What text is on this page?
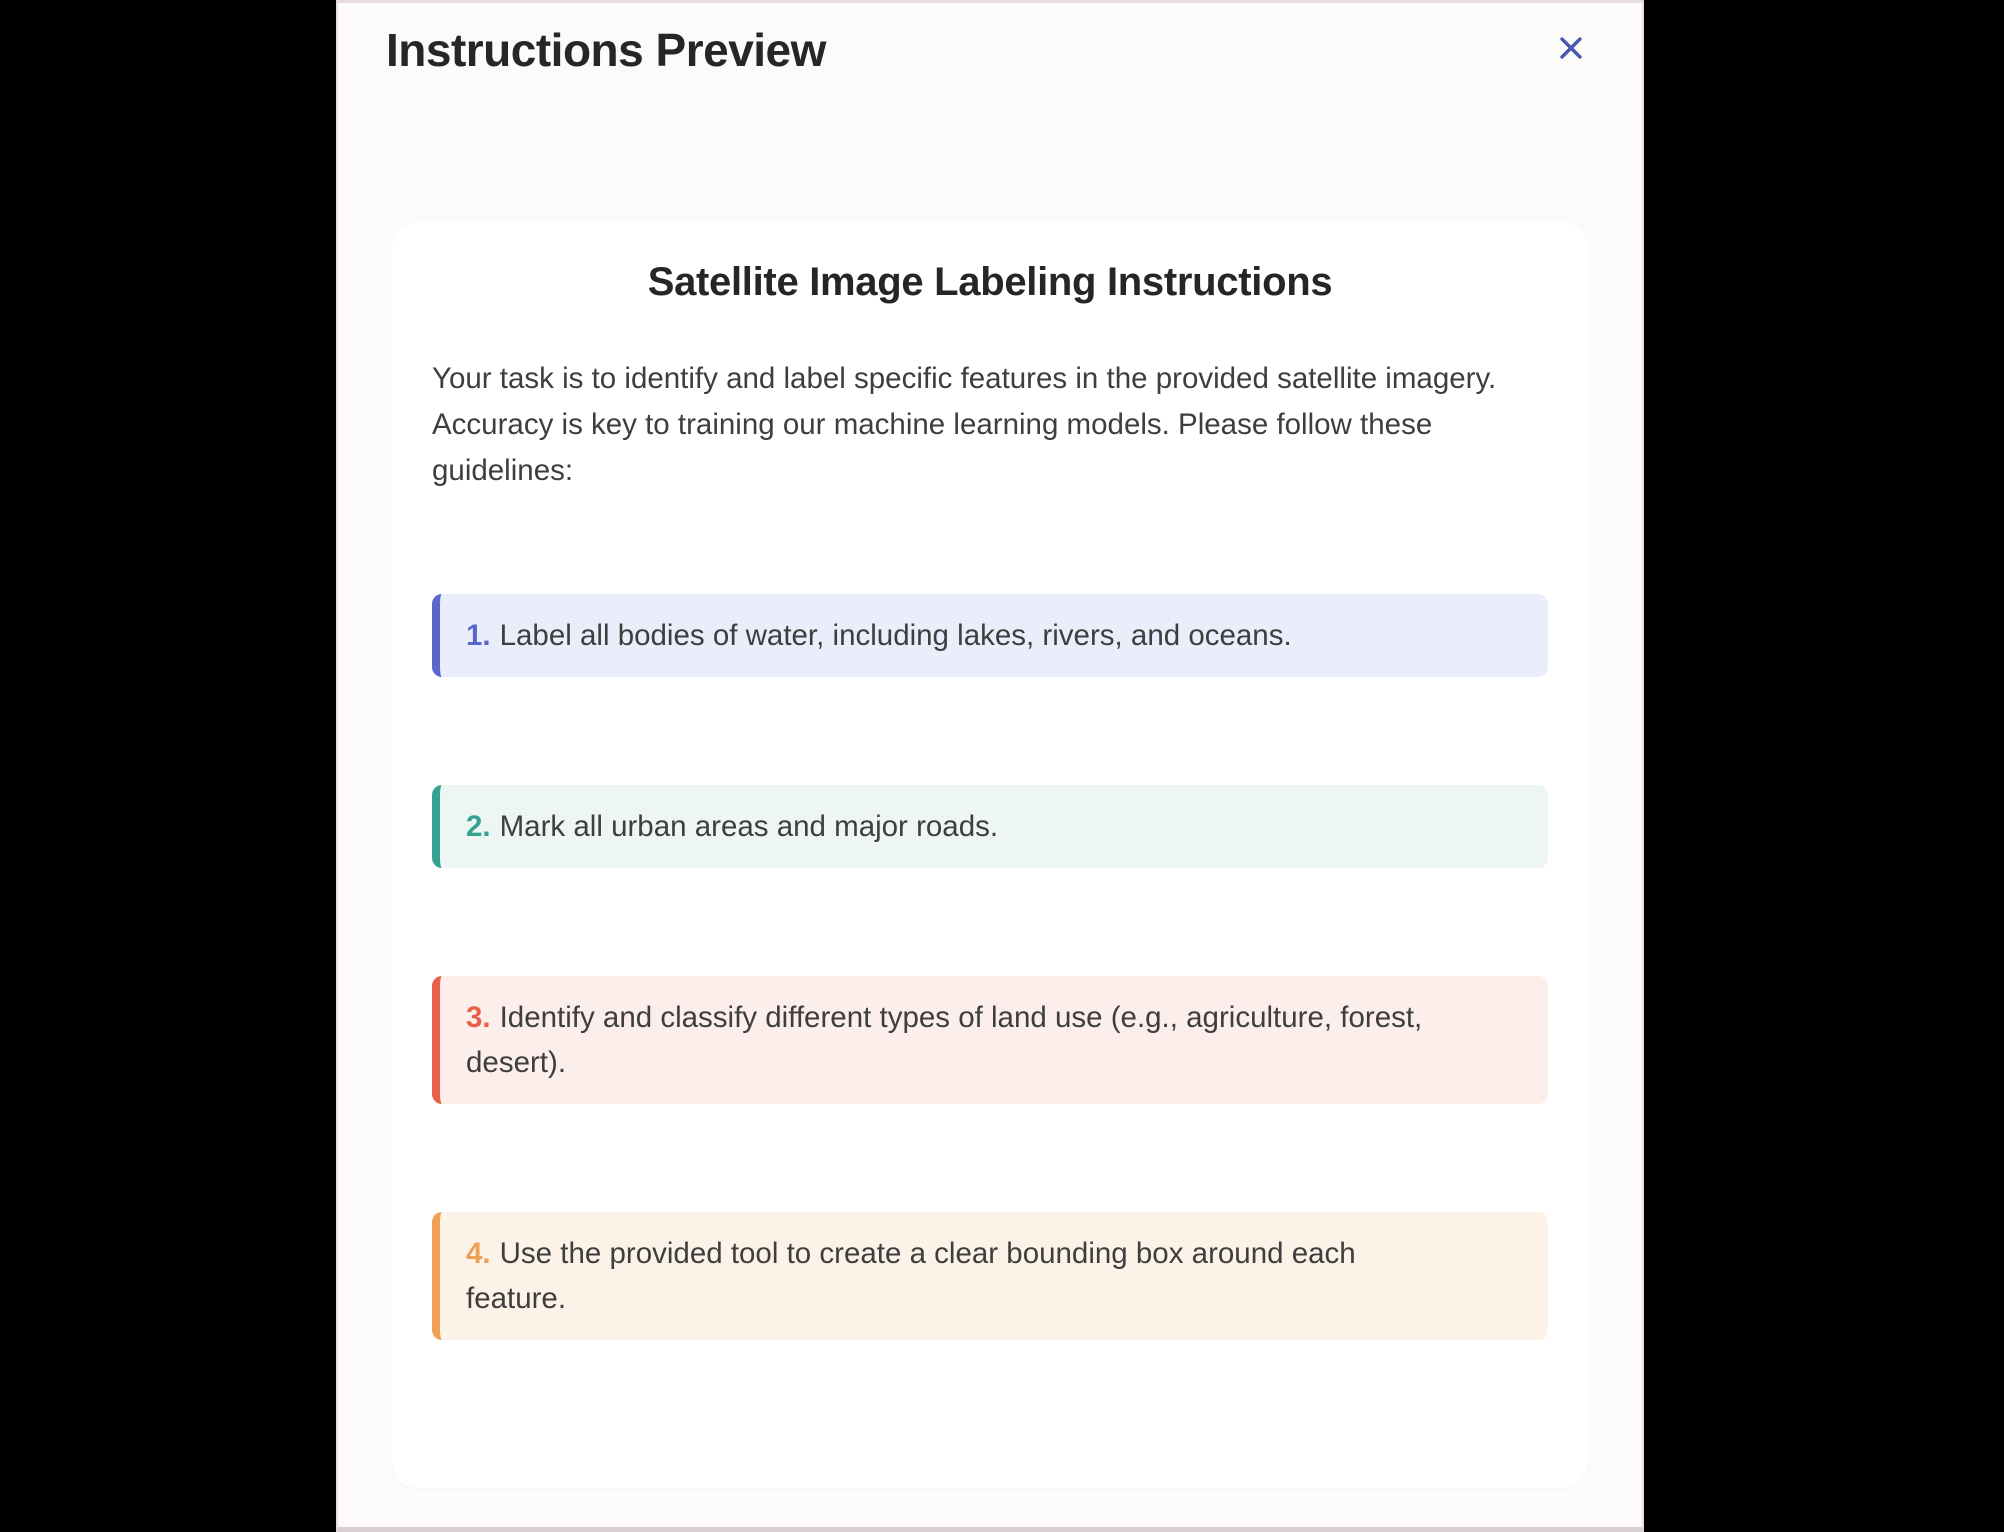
Instructions Preview
Satellite Image Labeling Instructions

Your task is to identify and label specific features in the provided satellite imagery. Accuracy is key to training our machine learning models. Please follow these guidelines:

1. Label all bodies of water, including lakes, rivers, and oceans.

2. Mark all urban areas and major roads.

3. Identify and classify different types of land use (e.g., agriculture, forest, desert).

4. Use the provided tool to create a clear bounding box around each feature.
